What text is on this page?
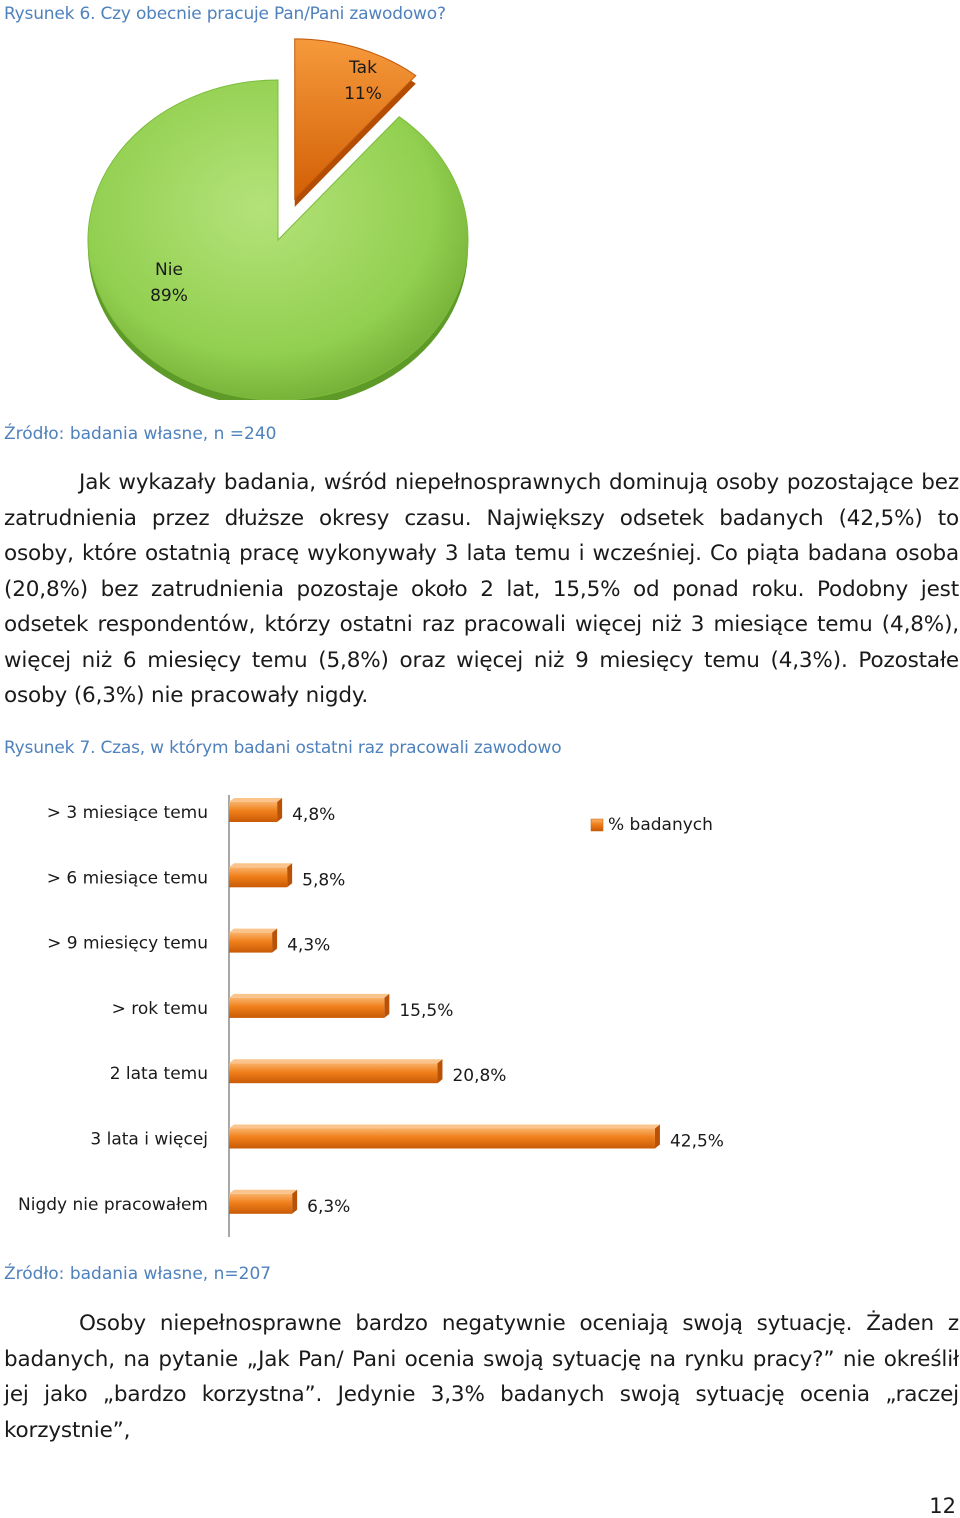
Rysunek 6. Czy obecnie pracuje Pan/Pani zawodowo?
Tak
11%
Nie
89%
Źródło: badania własne, n =240

Jak wykazały badania, wśród niepełnosprawnych dominują osoby pozostające bez zatrudnienia przez dłuższe okresy czasu. Największy odsetek badanych (42,5%) to osoby, które ostatnią pracę wykonywały 3 lata temu i wcześniej. Co piąta badana osoba (20,8%) bez zatrudnienia pozostaje około 2 lat, 15,5% od ponad roku. Podobny jest odsetek respondentów, którzy ostatni raz pracowali więcej niż 3 miesiące temu (4,8%), więcej niż 6 miesięcy temu (5,8%) oraz więcej niż 9 miesięcy temu (4,3%). Pozostałe osoby (6,3%) nie pracowały nigdy.

Rysunek 7. Czas, w którym badani ostatni raz pracowali zawodowo
> 3 miesiące temu	4,8%
> 6 miesiące temu	5,8%
> 9 miesięcy temu	4,3%
> rok temu	15,5%
2 lata temu	20,8%
3 lata i więcej	42,5%
Nigdy nie pracowałem	6,3%
% badanych
Źródło: badania własne, n=207

Osoby niepełnosprawne bardzo negatywnie oceniają swoją sytuację. Żaden z badanych, na pytanie „Jak Pan/ Pani ocenia swoją sytuację na rynku pracy?” nie określił jej jako „bardzo korzystna”. Jedynie 3,3% badanych swoją sytuację ocenia „raczej korzystnie”,

12
